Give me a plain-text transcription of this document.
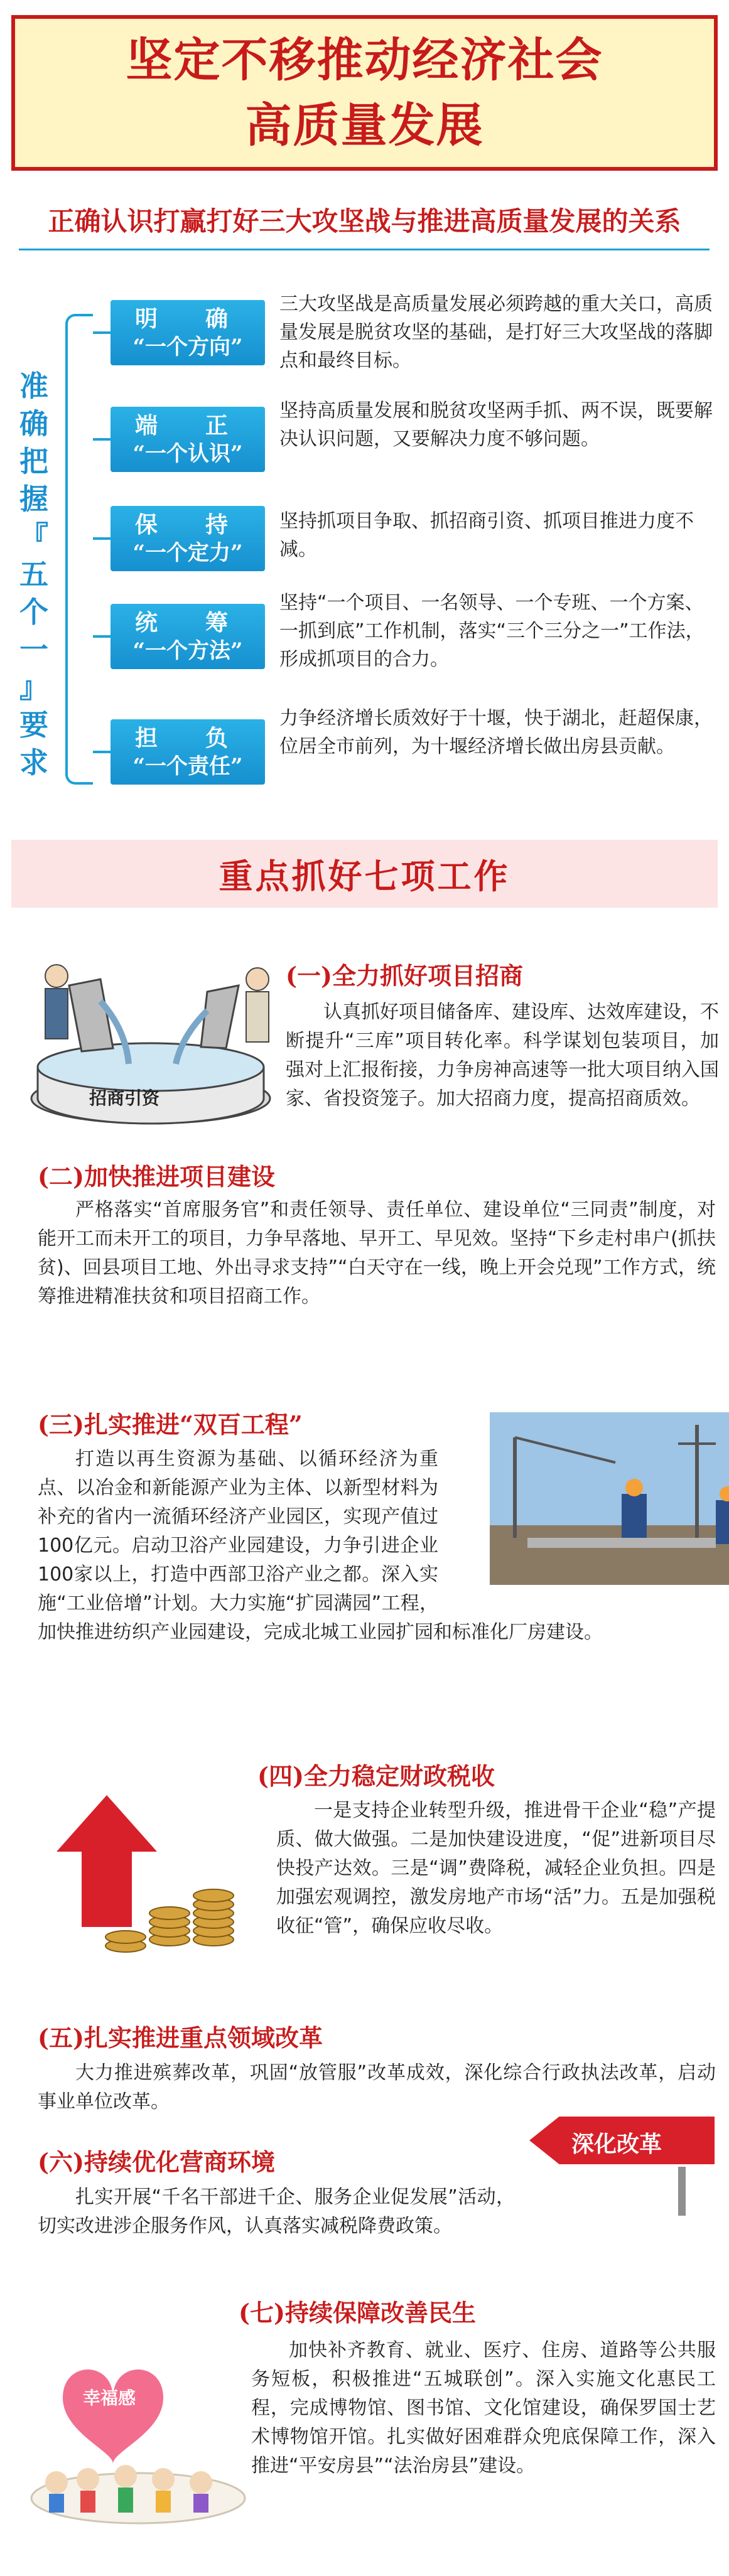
坚定不移推动经济社会
高质量发展
正确认识打赢打好三大攻坚战与推进高质量发展的关系
准
确
把
握
『
五
个
一
』
要
求
明　确
“一个方向”
三大攻坚战是高质量发展必须跨越的重大关口，高质量发展是脱贫攻坚的基础，是打好三大攻坚战的落脚点和最终目标。
端　正
“一个认识”
坚持高质量发展和脱贫攻坚两手抓、两不误，既要解决认识问题，又要解决力度不够问题。
保　持
“一个定力”
坚持抓项目争取、抓招商引资、抓项目推进力度不减。
统　筹
“一个方法”
坚持“一个项目、一名领导、一个专班、一个方案、一抓到底”工作机制，落实“三个三分之一”工作法，形成抓项目的合力。
担　负
“一个责任”
力争经济增长质效好于十堰，快于湖北，赶超保康，位居全市前列，为十堰经济增长做出房县贡献。
重点抓好七项工作
招商引资
(一)全力抓好项目招商
认真抓好项目储备库、建设库、达效库建设，不断提升“三库”项目转化率。科学谋划包装项目，加强对上汇报衔接，力争房神高速等一批大项目纳入国家、省投资笼子。加大招商力度，提高招商质效。
(二)加快推进项目建设
严格落实“首席服务官”和责任领导、责任单位、建设单位“三同责”制度，对能开工而未开工的项目，力争早落地、早开工、早见效。坚持“下乡走村串户(抓扶贫)、回县项目工地、外出寻求支持”“白天守在一线，晚上开会兑现”工作方式，统筹推进精准扶贫和项目招商工作。
(三)扎实推进“双百工程”
打造以再生资源为基础、以循环经济为重点、以冶金和新能源产业为主体、以新型材料为补充的省内一流循环经济产业园区，实现产值过100亿元。启动卫浴产业园建设，力争引进企业100家以上，打造中西部卫浴产业之都。深入实施“工业倍增”计划。大力实施“扩园满园”工程，加快推进纺织产业园建设，完成北城工业园扩园和标准化厂房建设。
(四)全力稳定财政税收
一是支持企业转型升级，推进骨干企业“稳”产提质、做大做强。二是加快建设进度，“促”进新项目尽快投产达效。三是“调”费降税，减轻企业负担。四是加强宏观调控，激发房地产市场“活”力。五是加强税收征“管”，确保应收尽收。
(五)扎实推进重点领域改革
大力推进殡葬改革，巩固“放管服”改革成效，深化综合行政执法改革，启动事业单位改革。
深化改革
(六)持续优化营商环境
扎实开展“千名干部进千企、服务企业促发展”活动，切实改进涉企服务作风，认真落实减税降费政策。
幸福感
(七)持续保障改善民生
加快补齐教育、就业、医疗、住房、道路等公共服务短板，积极推进“五城联创”。深入实施文化惠民工程，完成博物馆、图书馆、文化馆建设，确保罗国士艺术博物馆开馆。扎实做好困难群众兜底保障工作，深入推进“平安房县”“法治房县”建设。
